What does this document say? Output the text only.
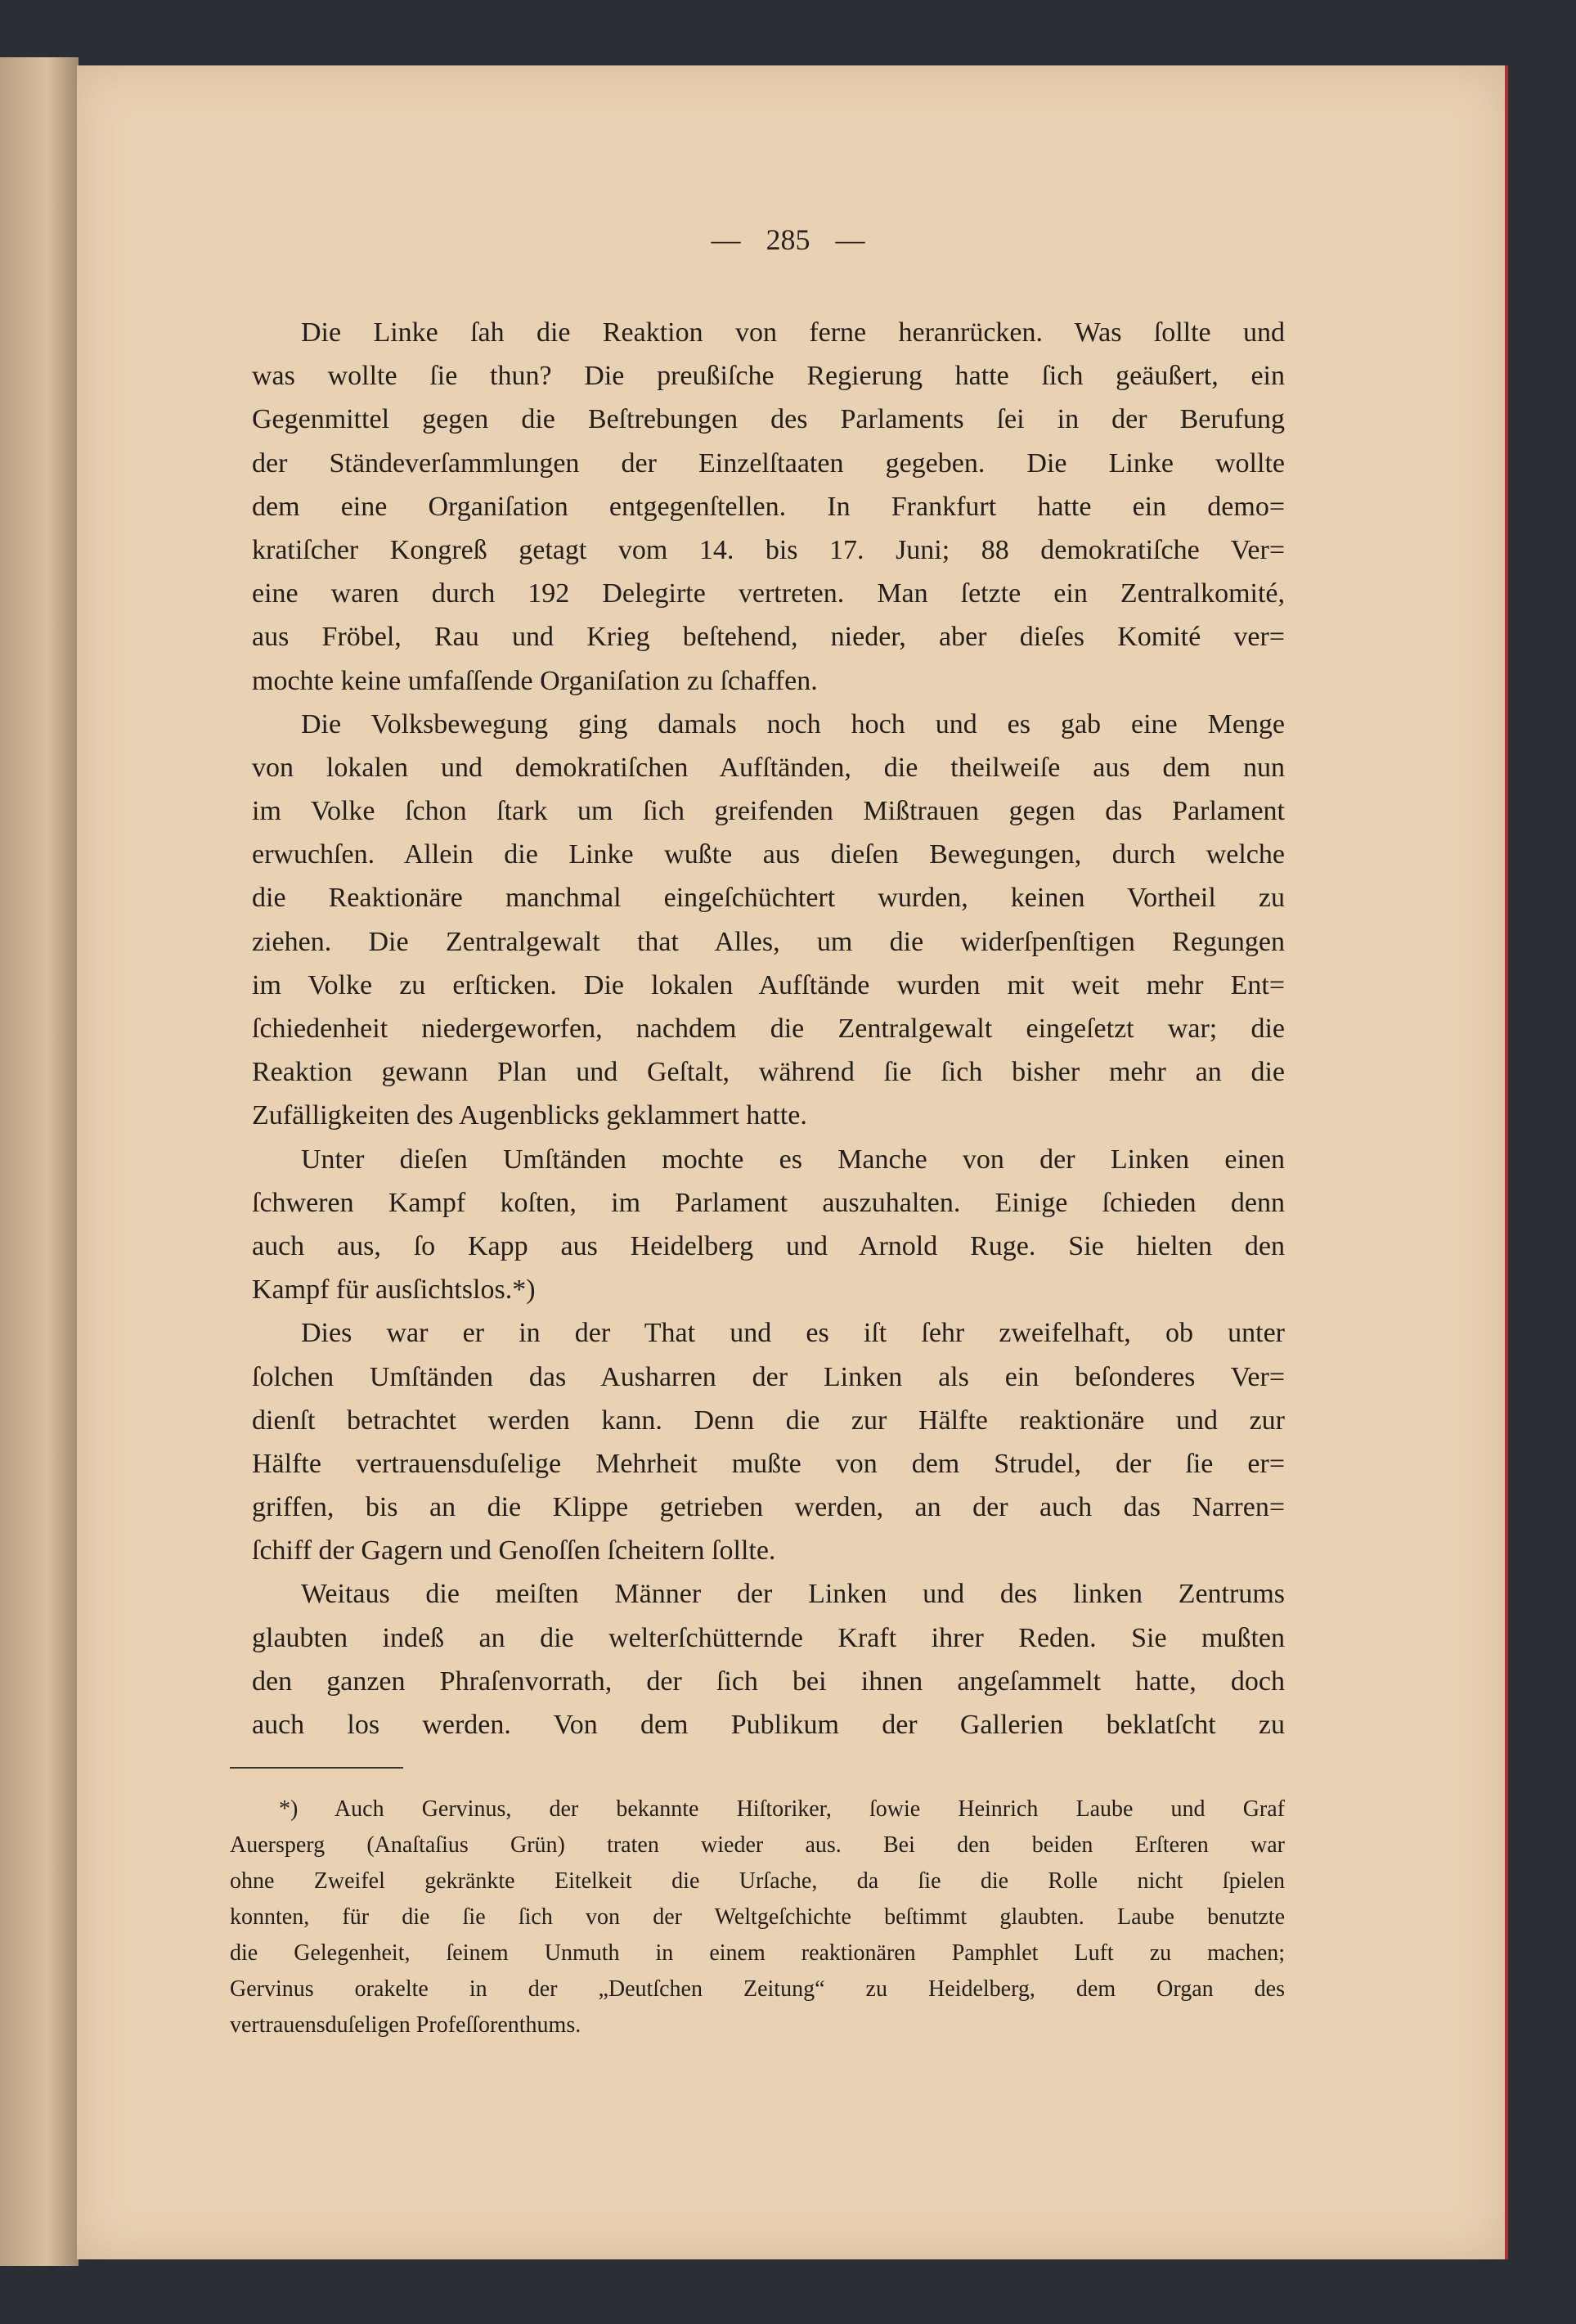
— 285 —
Die Linke ſah die Reaktion von ferne heranrücken. Was ſollte und
was wollte ſie thun? Die preußiſche Regierung hatte ſich geäußert, ein
Gegenmittel gegen die Beſtrebungen des Parlaments ſei in der Berufung
der Ständeverſammlungen der Einzelſtaaten gegeben. Die Linke wollte
dem eine Organiſation entgegenſtellen. In Frankfurt hatte ein demo=
kratiſcher Kongreß getagt vom 14. bis 17. Juni; 88 demokratiſche Ver=
eine waren durch 192 Delegirte vertreten. Man ſetzte ein Zentralkomité,
aus Fröbel, Rau und Krieg beſtehend, nieder, aber dieſes Komité ver=
mochte keine umfaſſende Organiſation zu ſchaffen.
Die Volksbewegung ging damals noch hoch und es gab eine Menge
von lokalen und demokratiſchen Aufſtänden, die theilweiſe aus dem nun
im Volke ſchon ſtark um ſich greifenden Mißtrauen gegen das Parlament
erwuchſen. Allein die Linke wußte aus dieſen Bewegungen, durch welche
die Reaktionäre manchmal eingeſchüchtert wurden, keinen Vortheil zu
ziehen. Die Zentralgewalt that Alles, um die widerſpenſtigen Regungen
im Volke zu erſticken. Die lokalen Aufſtände wurden mit weit mehr Ent=
ſchiedenheit niedergeworfen, nachdem die Zentralgewalt eingeſetzt war; die
Reaktion gewann Plan und Geſtalt, während ſie ſich bisher mehr an die
Zufälligkeiten des Augenblicks geklammert hatte.
Unter dieſen Umſtänden mochte es Manche von der Linken einen
ſchweren Kampf koſten, im Parlament auszuhalten. Einige ſchieden denn
auch aus, ſo Kapp aus Heidelberg und Arnold Ruge. Sie hielten den
Kampf für ausſichtslos.*)
Dies war er in der That und es iſt ſehr zweifelhaft, ob unter
ſolchen Umſtänden das Ausharren der Linken als ein beſonderes Ver=
dienſt betrachtet werden kann. Denn die zur Hälfte reaktionäre und zur
Hälfte vertrauensduſelige Mehrheit mußte von dem Strudel, der ſie er=
griffen, bis an die Klippe getrieben werden, an der auch das Narren=
ſchiff der Gagern und Genoſſen ſcheitern ſollte.
Weitaus die meiſten Männer der Linken und des linken Zentrums
glaubten indeß an die welterſchütternde Kraft ihrer Reden. Sie mußten
den ganzen Phraſenvorrath, der ſich bei ihnen angeſammelt hatte, doch
auch los werden. Von dem Publikum der Gallerien beklatſcht zu
*) Auch Gervinus, der bekannte Hiſtoriker, ſowie Heinrich Laube und Graf
Auersperg (Anaſtaſius Grün) traten wieder aus. Bei den beiden Erſteren war
ohne Zweifel gekränkte Eitelkeit die Urſache, da ſie die Rolle nicht ſpielen
konnten, für die ſie ſich von der Weltgeſchichte beſtimmt glaubten. Laube benutzte
die Gelegenheit, ſeinem Unmuth in einem reaktionären Pamphlet Luft zu machen;
Gervinus orakelte in der „Deutſchen Zeitung“ zu Heidelberg, dem Organ des
vertrauensduſeligen Profeſſorenthums.
